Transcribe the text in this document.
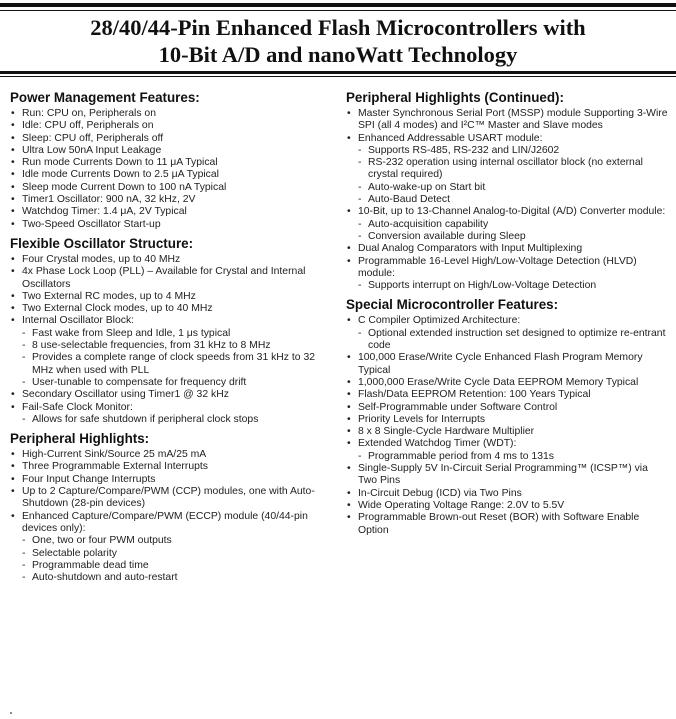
28/40/44-Pin Enhanced Flash Microcontrollers with
10-Bit A/D and nanoWatt Technology
Power Management Features:
• Run: CPU on, Peripherals on
• Idle: CPU off, Peripherals on
• Sleep: CPU off, Peripherals off
• Ultra Low 50nA Input Leakage
• Run mode Currents Down to 11 μA Typical
• Idle mode Currents Down to 2.5 μA Typical
• Sleep mode Current Down to 100 nA Typical
• Timer1 Oscillator: 900 nA, 32 kHz, 2V
• Watchdog Timer: 1.4 μA, 2V Typical
• Two-Speed Oscillator Start-up
Flexible Oscillator Structure:
• Four Crystal modes, up to 40 MHz
• 4x Phase Lock Loop (PLL) – Available for Crystal and Internal Oscillators
• Two External RC modes, up to 4 MHz
• Two External Clock modes, up to 40 MHz
• Internal Oscillator Block:
- Fast wake from Sleep and Idle, 1 μs typical
- 8 use-selectable frequencies, from 31 kHz to 8 MHz
- Provides a complete range of clock speeds from 31 kHz to 32 MHz when used with PLL
- User-tunable to compensate for frequency drift
• Secondary Oscillator using Timer1 @ 32 kHz
• Fail-Safe Clock Monitor:
- Allows for safe shutdown if peripheral clock stops
Peripheral Highlights:
• High-Current Sink/Source 25 mA/25 mA
• Three Programmable External Interrupts
• Four Input Change Interrupts
• Up to 2 Capture/Compare/PWM (CCP) modules, one with Auto-Shutdown (28-pin devices)
• Enhanced Capture/Compare/PWM (ECCP) module (40/44-pin devices only):
- One, two or four PWM outputs
- Selectable polarity
- Programmable dead time
- Auto-shutdown and auto-restart
Peripheral Highlights (Continued):
• Master Synchronous Serial Port (MSSP) module Supporting 3-Wire SPI (all 4 modes) and I²C™ Master and Slave modes
• Enhanced Addressable USART module:
- Supports RS-485, RS-232 and LIN/J2602
- RS-232 operation using internal oscillator block (no external crystal required)
- Auto-wake-up on Start bit
- Auto-Baud Detect
• 10-Bit, up to 13-Channel Analog-to-Digital (A/D) Converter module:
- Auto-acquisition capability
- Conversion available during Sleep
• Dual Analog Comparators with Input Multiplexing
• Programmable 16-Level High/Low-Voltage Detection (HLVD) module:
- Supports interrupt on High/Low-Voltage Detection
Special Microcontroller Features:
• C Compiler Optimized Architecture:
- Optional extended instruction set designed to optimize re-entrant code
• 100,000 Erase/Write Cycle Enhanced Flash Program Memory Typical
• 1,000,000 Erase/Write Cycle Data EEPROM Memory Typical
• Flash/Data EEPROM Retention: 100 Years Typical
• Self-Programmable under Software Control
• Priority Levels for Interrupts
• 8 x 8 Single-Cycle Hardware Multiplier
• Extended Watchdog Timer (WDT):
- Programmable period from 4 ms to 131s
• Single-Supply 5V In-Circuit Serial Programming™ (ICSP™) via Two Pins
• In-Circuit Debug (ICD) via Two Pins
• Wide Operating Voltage Range: 2.0V to 5.5V
• Programmable Brown-out Reset (BOR) with Software Enable Option
